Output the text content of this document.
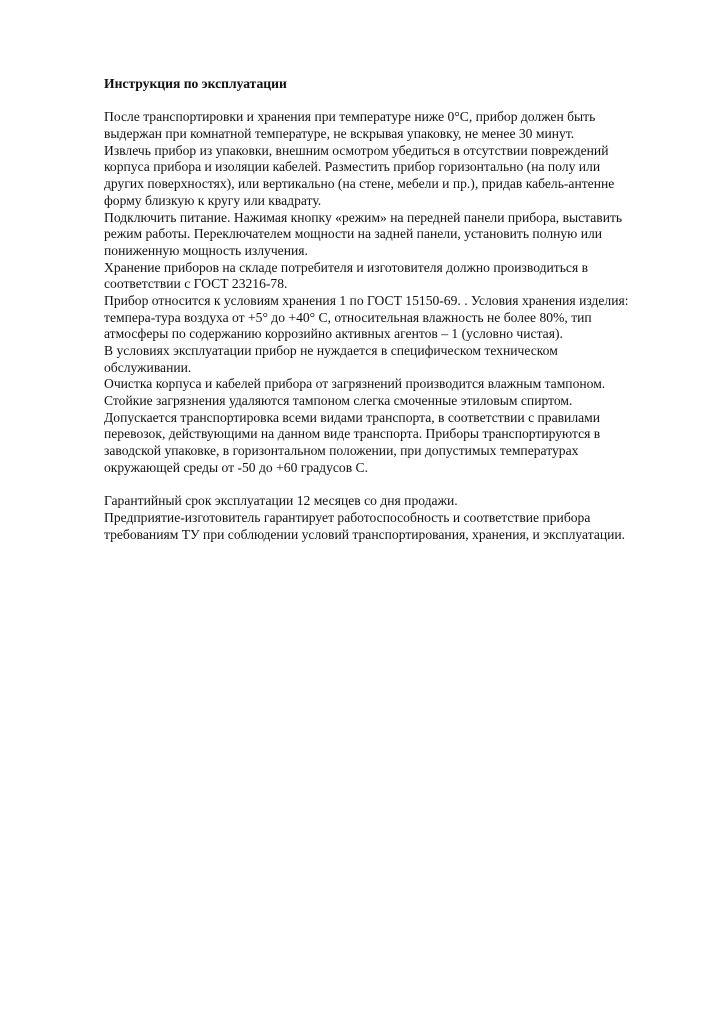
Инструкция по эксплуатации

После транспортировки и хранения при температуре ниже 0°С, прибор должен быть

выдержан при комнатной температуре, не вскрывая упаковку, не менее 30 минут.

Извлечь прибор из упаковки, внешним осмотром убедиться в отсутствии повреждений

корпуса прибора и изоляции кабелей. Разместить прибор горизонтально (на полу или

других поверхностях), или вертикально (на стене, мебели и пр.), придав кабель-антенне

форму близкую к кругу или квадрату.

Подключить питание. Нажимая кнопку «режим» на передней панели прибора, выставить

режим работы. Переключателем мощности на задней панели, установить полную или

пониженную мощность излучения.

Хранение приборов на складе потребителя и изготовителя должно производиться в

соответствии с ГОСТ 23216-78.

Прибор относится к условиям хранения 1 по ГОСТ 15150-69. . Условия хранения изделия:

темпера-тура воздуха от +5° до +40° С, относительная влажность не более 80%, тип

атмосферы по содержанию коррозийно активных агентов – 1 (условно чистая).

В условиях эксплуатации прибор не нуждается в специфическом техническом

обслуживании.

Очистка корпуса и кабелей прибора от загрязнений производится влажным тампоном.

Стойкие загрязнения удаляются тампоном слегка смоченные этиловым спиртом.

Допускается транспортировка всеми видами транспорта, в соответствии с правилами

перевозок, действующими на данном виде транспорта. Приборы транспортируются в

заводской упаковке, в горизонтальном положении, при допустимых температурах

окружающей среды от -50 до +60 градусов С.

Гарантийный срок эксплуатации 12 месяцев со дня продажи.

Предприятие-изготовитель гарантирует работоспособность и соответствие прибора

требованиям ТУ при соблюдении условий транспортирования, хранения, и эксплуатации.
